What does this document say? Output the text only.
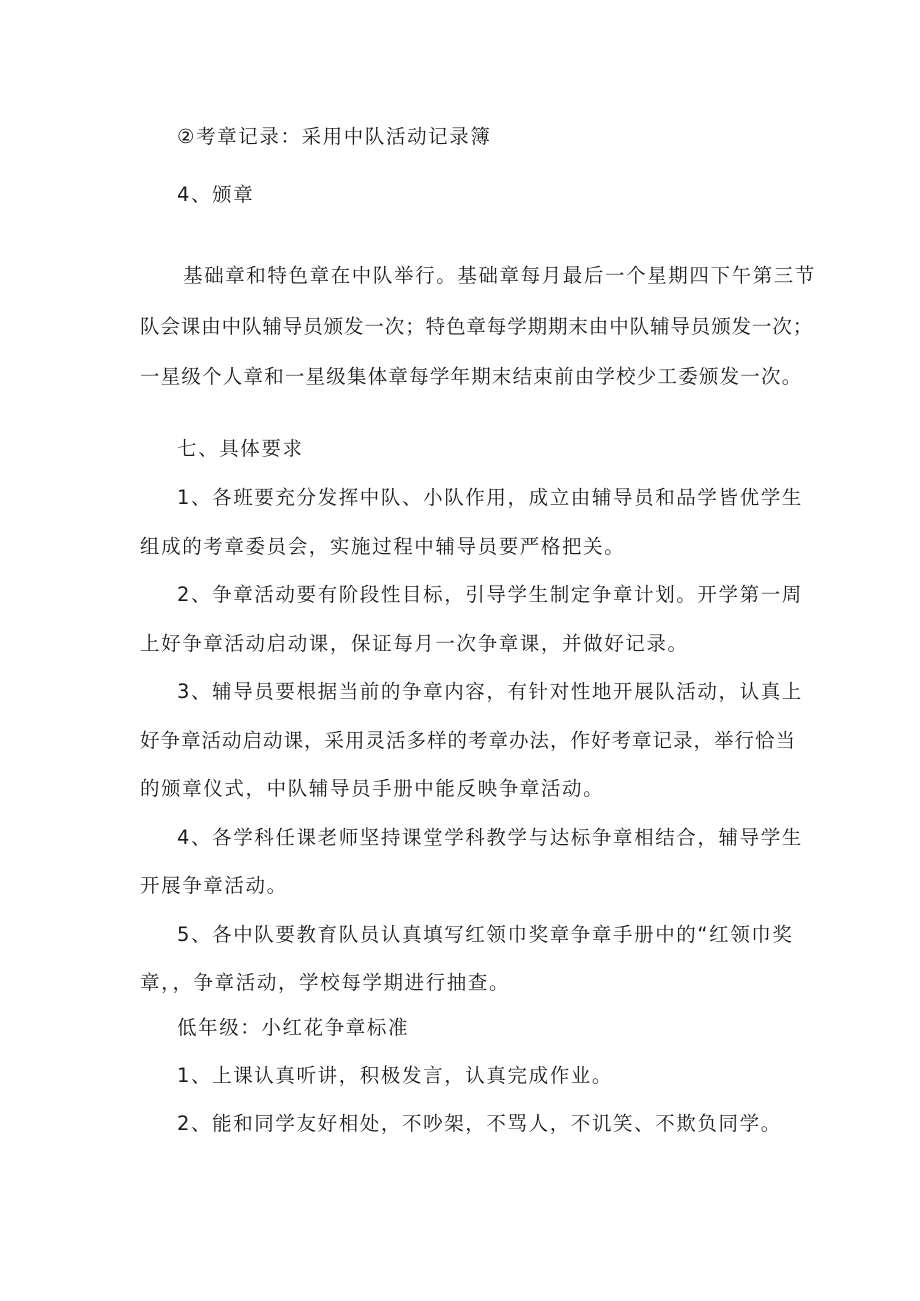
②考章记录：采用中队活动记录簿
4、颁章
基础章和特色章在中队举行。基础章每月最后一个星期四下午第三节
队会课由中队辅导员颁发一次；特色章每学期期末由中队辅导员颁发一次；
一星级个人章和一星级集体章每学年期末结束前由学校少工委颁发一次。
七、具体要求
1、各班要充分发挥中队、小队作用，成立由辅导员和品学皆优学生
组成的考章委员会，实施过程中辅导员要严格把关。
2、争章活动要有阶段性目标，引导学生制定争章计划。开学第一周
上好争章活动启动课，保证每月一次争章课，并做好记录。
3、辅导员要根据当前的争章内容，有针对性地开展队活动，认真上
好争章活动启动课，采用灵活多样的考章办法，作好考章记录，举行恰当
的颁章仪式，中队辅导员手册中能反映争章活动。
4、各学科任课老师坚持课堂学科教学与达标争章相结合，辅导学生
开展争章活动。
5、各中队要教育队员认真填写红领巾奖章争章手册中的“红领巾奖
章，，争章活动，学校每学期进行抽查。
低年级：小红花争章标准
1、上课认真听讲，积极发言，认真完成作业。
2、能和同学友好相处，不吵架，不骂人，不讥笑、不欺负同学。
